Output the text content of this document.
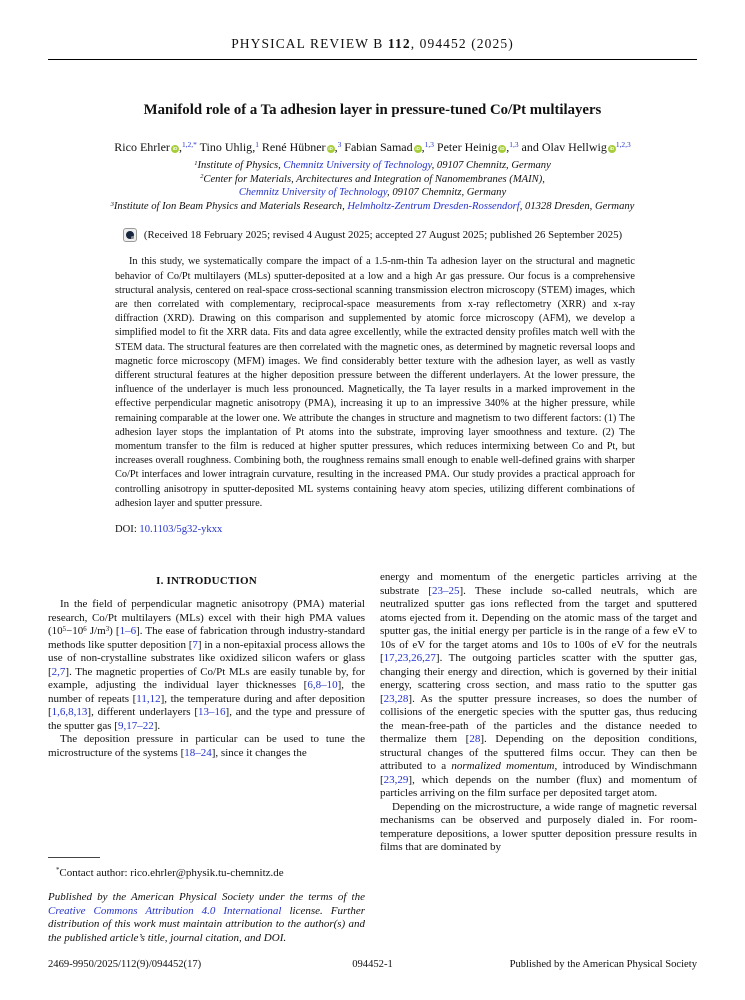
PHYSICAL REVIEW B 112, 094452 (2025)
Manifold role of a Ta adhesion layer in pressure-tuned Co/Pt multilayers
Rico Ehrler iD ,$^{1,2,*}$ Tino Uhlig,$^1$ René Hübner iD ,$^3$ Fabian Samad iD ,$^{1,3}$ Peter Heinig iD ,$^{1,3}$ and Olav Hellwig iD $^{1,2,3}$
$^1$Institute of Physics, Chemnitz University of Technology, 09107 Chemnitz, Germany
$^2$Center for Materials, Architectures and Integration of Nanomembranes (MAIN),
Chemnitz University of Technology, 09107 Chemnitz, Germany
$^3$Institute of Ion Beam Physics and Materials Research, Helmholtz-Zentrum Dresden-Rossendorf, 01328 Dresden, Germany
(Received 18 February 2025; revised 4 August 2025; accepted 27 August 2025; published 26 September 2025)

In this study, we systematically compare the impact of a 1.5-nm-thin Ta adhesion layer on the structural and magnetic behavior of Co/Pt multilayers (MLs) sputter-deposited at a low and a high Ar gas pressure. Our focus is a comprehensive structural analysis, centered on real-space cross-sectional scanning transmission electron microscopy (STEM) images, which are then correlated with complementary, reciprocal-space measurements from x-ray reflectometry (XRR) and x-ray diffraction (XRD). Drawing on this comparison and supplemented by atomic force microscopy (AFM), we develop a simplified model to fit the XRR data. Fits and data agree excellently, while the extracted density profiles match well with the STEM data. The structural features are then correlated with the magnetic ones, as determined by magnetic reversal loops and magnetic force microscopy (MFM) images. We find considerably better texture with the adhesion layer, as well as vastly different structural features at the higher deposition pressure between the different underlayers. At the lower pressure, the influence of the underlayer is much less pronounced. Magnetically, the Ta layer results in a marked improvement in the effective perpendicular magnetic anisotropy (PMA), increasing it up to an impressive 340% at the higher pressure, while remaining comparable at the lower one. We attribute the changes in structure and magnetism to two different factors: (1) The adhesion layer stops the implantation of Pt atoms into the substrate, improving layer smoothness and texture. (2) The momentum transfer to the film is reduced at higher sputter pressures, which reduces intermixing between Co and Pt, but increases overall roughness. Combining both, the roughness remains small enough to enable well-defined grains with sharper Co/Pt interfaces and lower intragrain curvature, resulting in the increased PMA. Our study provides a practical approach for controlling anisotropy in sputter-deposited ML systems containing heavy atom species, utilizing different combinations of adhesion layer and sputter pressure.

DOI: 10.1103/5g32-ykxx

I. INTRODUCTION

In the field of perpendicular magnetic anisotropy (PMA) material research, Co/Pt multilayers (MLs) excel with their high PMA values ($10^5-10^6$ $J/m^3$) [1–6]. The ease of fabrication through industry-standard methods like sputter deposition [7] in a non-epitaxial process allows the use of non-crystalline substrates like oxidized silicon wafers or glass [2,7]. The magnetic properties of Co/Pt MLs are easily tunable by, for example, adjusting the individual layer thicknesses [6,8–10], the number of repeats [11,12], the temperature during and after deposition [1,6,8,13], different underlayers [13–16], and the type and pressure of the sputter gas [9,17–22].

The deposition pressure in particular can be used to tune the microstructure of the systems [18–24], since it changes the

*Contact author: rico.ehrler@physik.tu-chemnitz.de

Published by the American Physical Society under the terms of the Creative Commons Attribution 4.0 International license. Further distribution of this work must maintain attribution to the author(s) and the published article’s title, journal citation, and DOI.

energy and momentum of the energetic particles arriving at the substrate [23–25]. These include so-called neutrals, which are neutralized sputter gas ions reflected from the target and sputtered atoms ejected from it. Depending on the atomic mass of the target and sputter gas, the initial energy per particle is in the range of a few eV to 10s of eV for the target atoms and 10s to 100s of eV for the neutrals [17,23,26,27]. The outgoing particles scatter with the sputter gas, changing their energy and direction, which is governed by their initial energy, scattering cross section, and mass ratio to the sputter gas [23,28]. As the sputter pressure increases, so does the number of collisions of the energetic species with the sputter gas, thus reducing the mean-free-path of the particles and the distance needed to thermalize them [28]. Depending on the deposition conditions, structural changes of the sputtered films occur. They can then be attributed to a normalized momentum, introduced by Windischmann [23,29], which depends on the number (flux) and momentum of particles arriving on the film surface per deposited target atom.

Depending on the microstructure, a wide range of magnetic reversal mechanisms can be observed and purposely dialed in. For room-temperature depositions, a lower sputter deposition pressure results in films that are dominated by

2469-9950/2025/112(9)/094452(17)	094452-1	Published by the American Physical Society
